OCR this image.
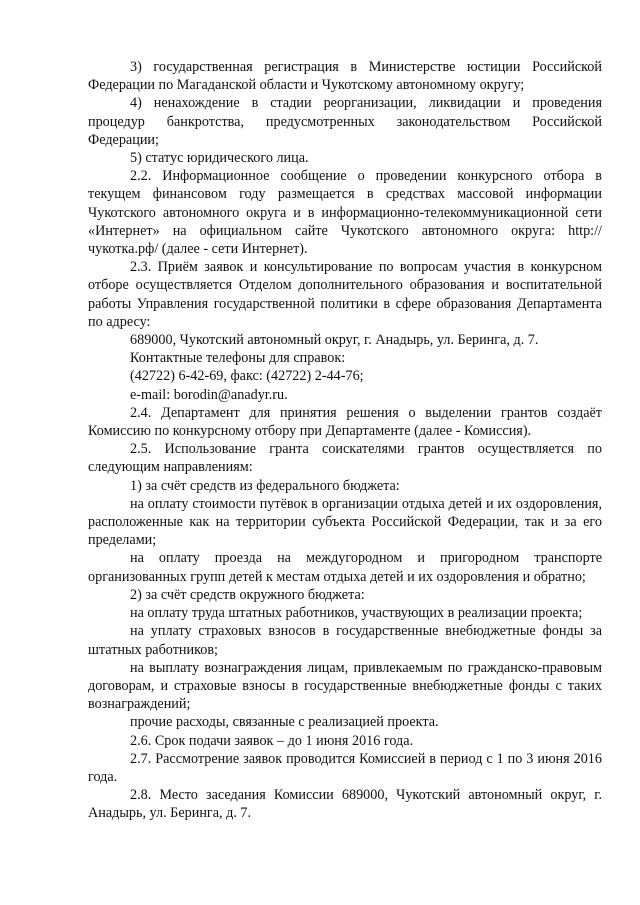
3) государственная регистрация в Министерстве юстиции Российской Федерации по Магаданской области и Чукотскому автономному округу;

4) ненахождение в стадии реорганизации, ликвидации и проведения процедур банкротства, предусмотренных законодательством Российской Федерации;

5) статус юридического лица.

2.2. Информационное сообщение о проведении конкурсного отбора в текущем финансовом году размещается в средствах массовой информации Чукотского автономного округа и в информационно-телекоммуникационной сети «Интернет» на официальном сайте Чукотского автономного округа: http://чукотка.рф/ (далее - сети Интернет).

2.3. Приём заявок и консультирование по вопросам участия в конкурсном отборе осуществляется Отделом дополнительного образования и воспитательной работы Управления государственной политики в сфере образования Департамента по адресу:

689000, Чукотский автономный округ, г. Анадырь, ул. Беринга, д. 7.

Контактные телефоны для справок:

(42722) 6-42-69, факс: (42722) 2-44-76;

e-mail: borodin@anadyr.ru.

2.4. Департамент для принятия решения о выделении грантов создаёт Комиссию по конкурсному отбору при Департаменте (далее - Комиссия).

2.5. Использование гранта соискателями грантов осуществляется по следующим направлениям:

1) за счёт средств из федерального бюджета:

на оплату стоимости путёвок в организации отдыха детей и их оздоровления, расположенные как на территории субъекта Российской Федерации, так и за его пределами;

на оплату проезда на междугородном и пригородном транспорте организованных групп детей к местам отдыха детей и их оздоровления и обратно;

2) за счёт средств окружного бюджета:

на оплату труда штатных работников, участвующих в реализации проекта;

на уплату страховых взносов в государственные внебюджетные фонды за штатных работников;

на выплату вознаграждения лицам, привлекаемым по гражданско-правовым договорам, и страховые взносы в государственные внебюджетные фонды с таких вознаграждений;

прочие расходы, связанные с реализацией проекта.

2.6. Срок подачи заявок – до 1 июня 2016 года.

2.7. Рассмотрение заявок проводится Комиссией в период с 1 по 3 июня 2016 года.

2.8. Место заседания Комиссии 689000, Чукотский автономный округ, г. Анадырь, ул. Беринга, д. 7.
